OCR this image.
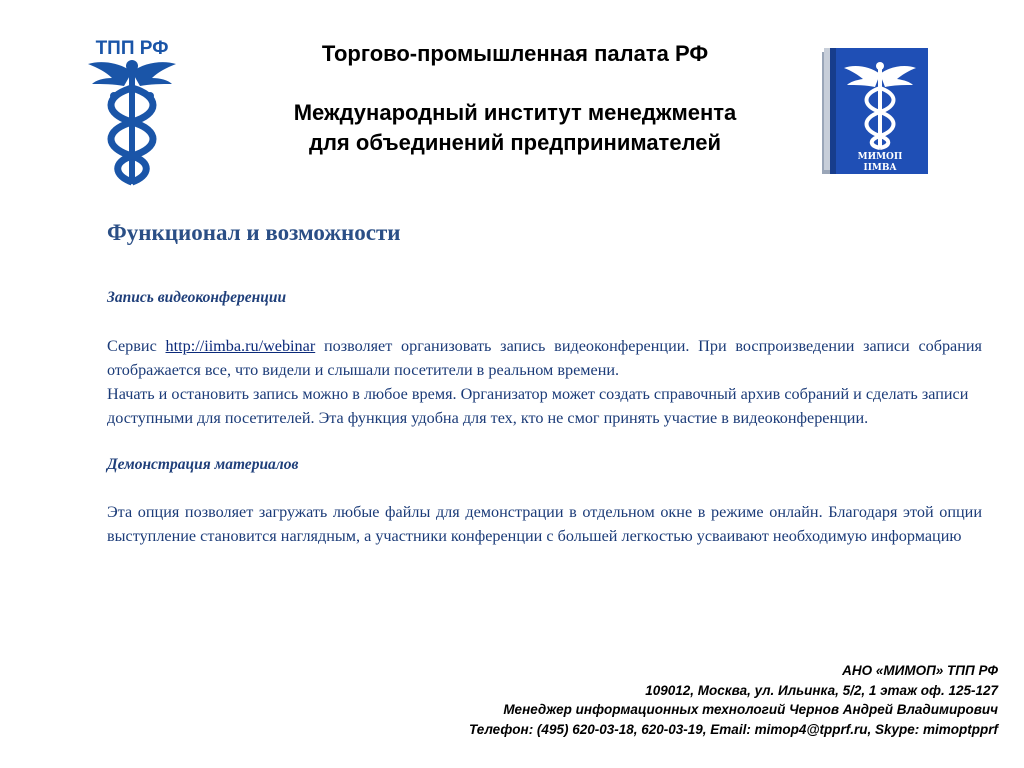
ТПП РФ	Торгово-промышленная палата РФ

Международный институт менеджмента
для объединений предпринимателей
МИМОП
IIMBA
Функционал и возможности

Запись видеоконференции

Сервис http://iimba.ru/webinar позволяет организовать запись видеоконференции. При воспроизведении записи собрания отображается все, что видели и слышали посетители в реальном времени.

Начать и остановить запись можно в любое время. Организатор может создать справочный архив собраний и сделать записи доступными для посетителей. Эта функция удобна для тех, кто не смог принять участие в видеоконференции.

Демонстрация материалов

Эта опция позволяет загружать любые файлы для демонстрации в отдельном окне в режиме онлайн. Благодаря этой опции выступление становится наглядным, а участники конференции с большей легкостью усваивают необходимую информацию

АНО «МИМОП» ТПП РФ
109012, Москва, ул. Ильинка, 5/2, 1 этаж оф. 125-127
Менеджер информационных технологий Чернов Андрей Владимирович
Телефон: (495) 620-03-18, 620-03-19, Email: mimop4@tpprf.ru, Skype: mimoptpprf
